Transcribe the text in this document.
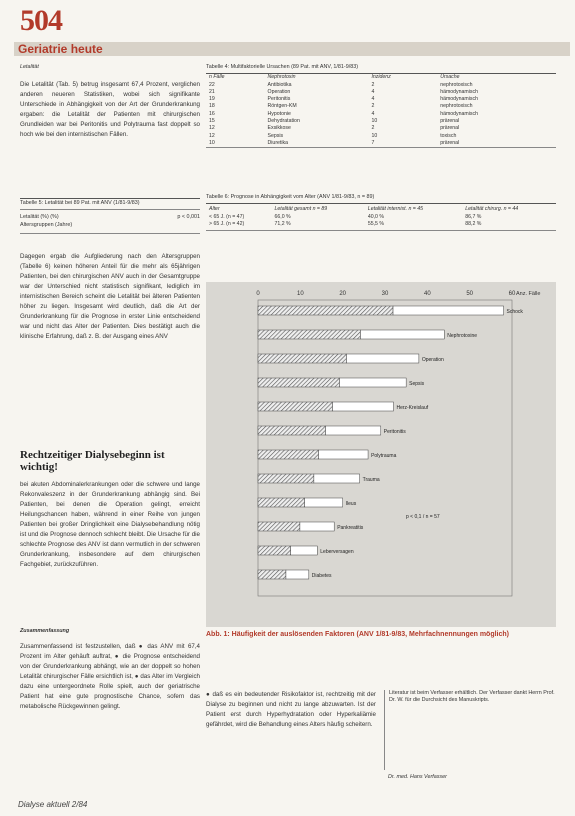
504
Geriatrie heute
Letalität
Die Letalität (Tab. 5) betrug insgesamt 67,4 Prozent, verglichen anderen neueren Statistiken, wobei sich signifikante Unterschiede in Abhängigkeit von der Art der Grunderkrankung ergaben: die Letalität der Patienten mit chirurgischen Grundleiden war bei Peritonitis und Polytrauma fast doppelt so hoch wie bei den internistischen Fällen.
Tabelle 5: Letalität bei 89 Pat. mit ANV (1/81-9/83)
Letalität (%) (%)	p < 0,001
Altersgruppen (Jahre)
Dagegen ergab die Aufgliederung nach den Altersgruppen (Tabelle 6) keinen höheren Anteil für die mehr als 65jährigen Patienten, bei den chirurgischen ANV auch in der Gesamtgruppe war der Unterschied nicht statistisch signifikant, lediglich im internistischen Bereich scheint die Letalität bei älteren Patienten höher zu liegen. Insgesamt wird deutlich, daß die Art der Grunderkrankung für die Prognose in erster Linie entscheidend war und nicht das Alter der Patienten. Dies bestätigt auch die klinische Erfahrung, daß z. B. der Ausgang eines ANV
Rechtzeitiger Dialysebeginn ist wichtig!
bei akuten Abdominalerkrankungen oder die schwere und lange Rekonvaleszenz in der Grunderkrankung abhängig sind. Bei Patienten, bei denen die Operation gelingt, erreicht Heilungschancen haben, während in einer Reihe von jungen Patienten bei großer Dringlichkeit eine Dialysebehandlung nötig ist und die Prognose dennoch schlecht bleibt. Die Ursache für die schlechte Prognose des ANV ist dann vermutlich in der schweren Grunderkrankung, insbesondere auf dem chirurgischen Fachgebiet, zurückzuführen.
Zusammenfassung
Zusammenfassend ist festzustellen, daß ● das ANV mit 67,4 Prozent im Alter gehäuft auftrat, ● die Prognose entscheidend von der Grunderkrankung abhängt, wie an der doppelt so hohen Letalität chirurgischer Fälle ersichtlich ist, ● das Alter im Vergleich dazu eine untergeordnete Rolle spielt, auch der geriatrische Patient hat eine gute prognostische Chance, sofern das metabolische Rückgewinnen gelingt.
Tabelle 4: Multifaktorielle Ursachen (89 Pat. mit ANV, 1/81-9/83)
n Fälle	Nephrotoxin	Inzidenz	Ursache
22	Antibiotika	2	nephrotoxisch
21	Operation	4	hämodynamisch
19	Peritonitis	4	hämodynamisch
18	Röntgen-KM	2	nephrotoxisch
16	Hypotonie	4	hämodynamisch
15	Dehydratation	10	prärenal
12	Exsikkose	2	prärenal
12	Sepsis	10	toxisch
10	Diuretika	7	prärenal
Tabelle 6: Prognose in Abhängigkeit vom Alter (ANV 1/81-9/83, n = 89)
Alter	Letalität gesamt n = 89	Letalität internist. n = 45	Letalität chirurg. n = 44
< 65 J. (n = 47)	66,0 %	40,0 %	86,7 %
> 65 J. (n = 42)	71,2 %	55,5 %	88,2 %
0	10	20	30	40	50	60 Anz. Fälle
Schock
Nephrotoxine
Operation
Sepsis
Herz-Kreislauf
Peritonitis
Polytrauma
Trauma
Ileus
Pankreatitis
Leberversagen
Diabetes
p < 0,1 / n = 57
Abb. 1: Häufigkeit der auslösenden Faktoren (ANV 1/81-9/83, Mehrfachnennungen möglich)
● daß es ein bedeutender Risikofaktor ist, rechtzeitig mit der Dialyse zu beginnen und nicht zu lange abzuwarten. Ist der Patient erst durch Hyperhydratation oder Hyperkaliämie gefährdet, wird die Behandlung eines Alters häufig scheitern.
Literatur ist beim Verfasser erhältlich. Der Verfasser dankt Herrn Prof. Dr. W. für die Durchsicht des Manuskripts.
Dr. med. Hans Verfasser
Dialyse aktuell 2/84
